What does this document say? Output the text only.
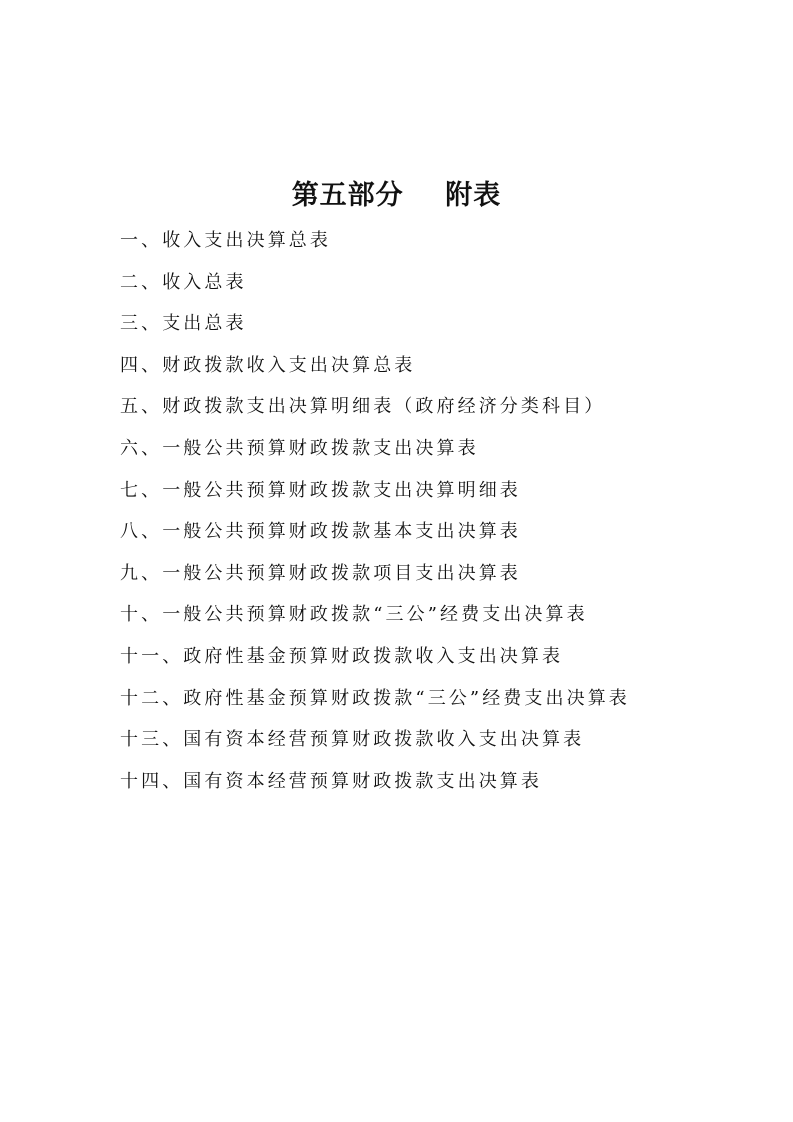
第五部分    附表
一、收入支出决算总表
二、收入总表
三、支出总表
四、财政拨款收入支出决算总表
五、财政拨款支出决算明细表（政府经济分类科目）
六、一般公共预算财政拨款支出决算表
七、一般公共预算财政拨款支出决算明细表
八、一般公共预算财政拨款基本支出决算表
九、一般公共预算财政拨款项目支出决算表
十、一般公共预算财政拨款“三公”经费支出决算表
十一、政府性基金预算财政拨款收入支出决算表
十二、政府性基金预算财政拨款“三公”经费支出决算表
十三、国有资本经营预算财政拨款收入支出决算表
十四、国有资本经营预算财政拨款支出决算表
